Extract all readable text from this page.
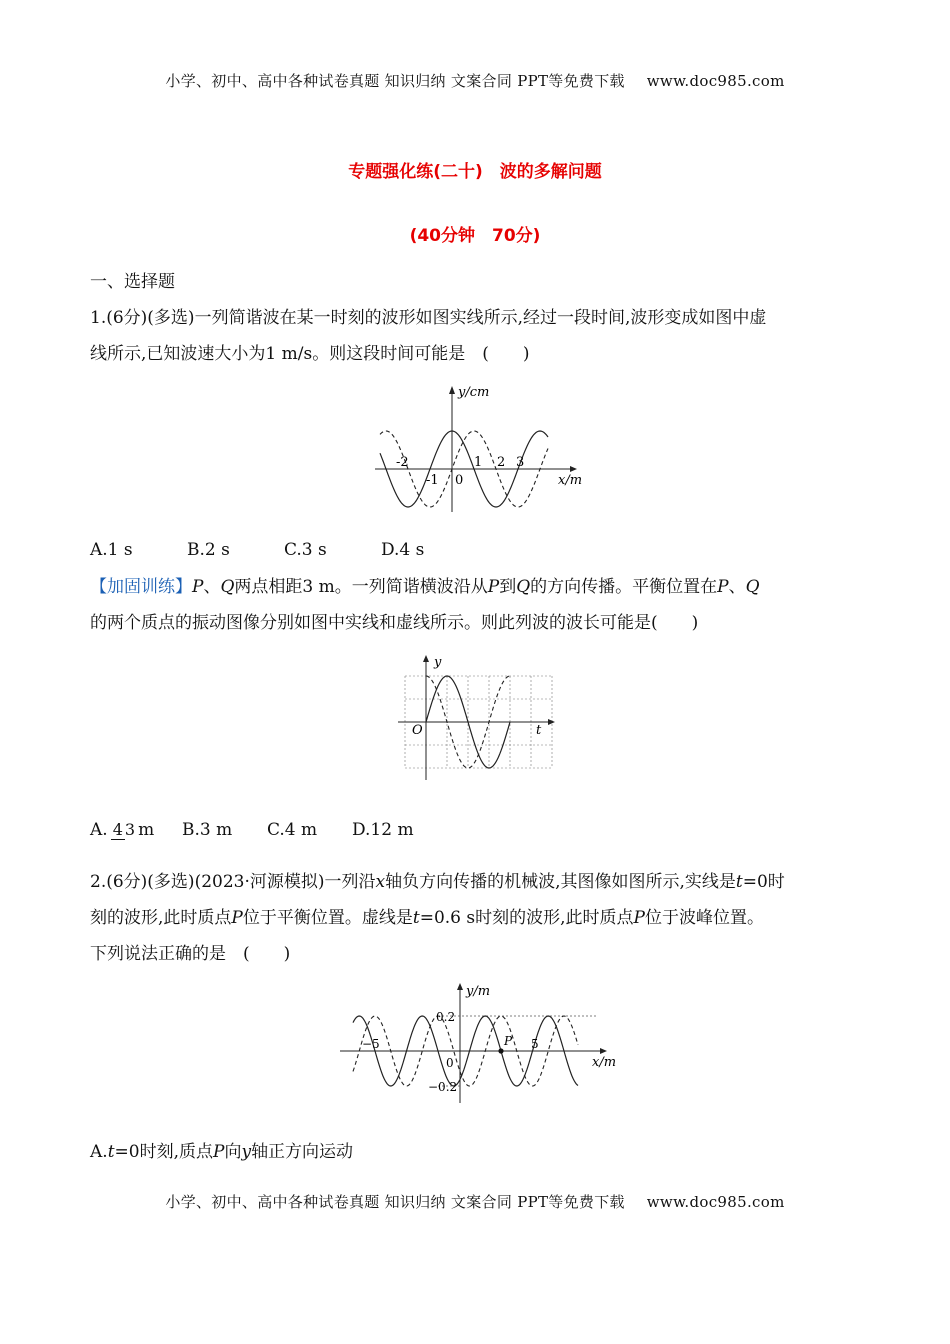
小学、初中、高中各种试卷真题 知识归纳 文案合同 PPT等免费下载 www.doc985.com
专题强化练(二十)　波的多解问题
(40分钟　70分)
一、选择题
1.(6分)(多选)一列简谐波在某一时刻的波形如图实线所示,经过一段时间,波形变成如图中虚
线所示,已知波速大小为1 m/s。则这段时间可能是　(　　)
y/cm
x/m
-2
-1 0
1 2 3
A.1 s	B.2 s	C.3 s	D.4 s
【加固训练】P、Q两点相距3 m。一列简谐横波沿从P到Q的方向传播。平衡位置在P、Q
的两个质点的振动图像分别如图中实线和虚线所示。则此列波的波长可能是(　　)
y
t
O
A. 4 3m B.3 m C.4 m D.12 m
2.(6分)(多选)(2023·河源模拟)一列沿x轴负方向传播的机械波,其图像如图所示,实线是t=0时
刻的波形,此时质点P位于平衡位置。虚线是t=0.6 s时刻的波形,此时质点P位于波峰位置。
下列说法正确的是　(　　)
y/m
x/m
0.2
−0.2
−5	5
0
P
A.t=0时刻,质点P向y轴正方向运动
小学、初中、高中各种试卷真题 知识归纳 文案合同 PPT等免费下载 www.doc985.com
